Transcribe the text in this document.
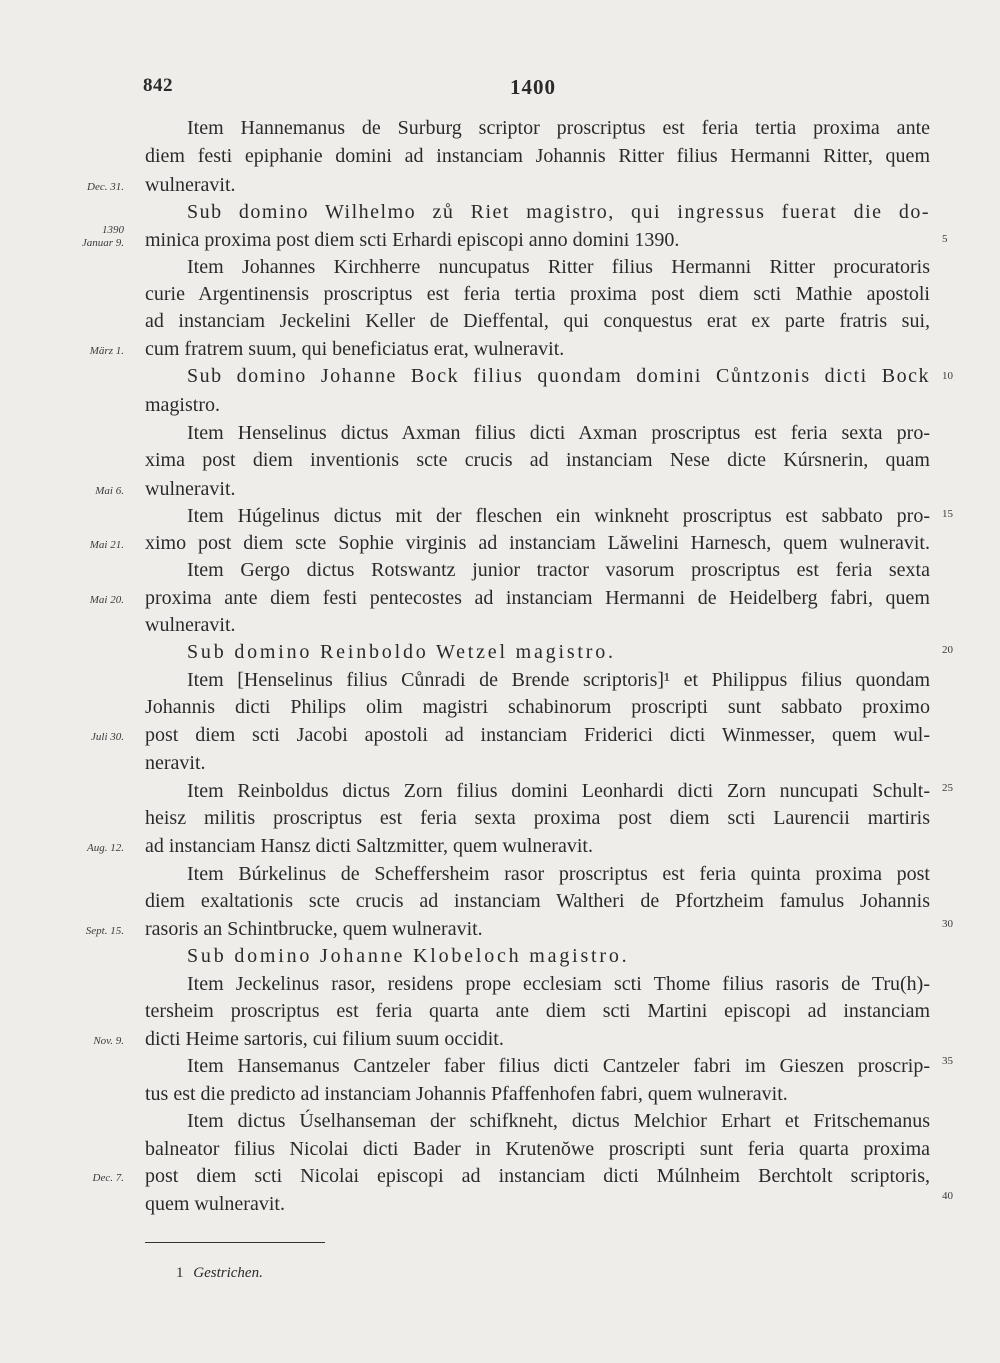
842	1400
Item Hannemanus de Surburg scriptor proscriptus est feria tertia proxima ante
diem festi epiphanie domini ad instanciam Johannis Ritter filius Hermanni Ritter, quem
wulneravit.
Sub domino Wilhelmo zů Riet magistro, qui ingressus fuerat die do-
minica proxima post diem scti Erhardi episcopi anno domini 1390.
Item Johannes Kirchherre nuncupatus Ritter filius Hermanni Ritter procuratoris
curie Argentinensis proscriptus est feria tertia proxima post diem scti Mathie apostoli
ad instanciam Jeckelini Keller de Dieffental, qui conquestus erat ex parte fratris sui,
cum fratrem suum, qui beneficiatus erat, wulneravit.
Sub domino Johanne Bock filius quondam domini Cůntzonis dicti Bock
magistro.
Item Henselinus dictus Axman filius dicti Axman proscriptus est feria sexta pro-
xima post diem inventionis scte crucis ad instanciam Nese dicte Kúrsnerin, quam
wulneravit.
Item Húgelinus dictus mit der fleschen ein winkneht proscriptus est sabbato pro-
ximo post diem scte Sophie virginis ad instanciam Lăwelini Harnesch, quem wulneravit.
Item Gergo dictus Rotswantz junior tractor vasorum proscriptus est feria sexta
proxima ante diem festi pentecostes ad instanciam Hermanni de Heidelberg fabri, quem
wulneravit.
Sub domino Reinboldo Wetzel magistro.
Item [Henselinus filius Cůnradi de Brende scriptoris]¹ et Philippus filius quondam
Johannis dicti Philips olim magistri schabinorum proscripti sunt sabbato proximo
post diem scti Jacobi apostoli ad instanciam Friderici dicti Winmesser, quem wul-
neravit.
Item Reinboldus dictus Zorn filius domini Leonhardi dicti Zorn nuncupati Schult-
heisz militis proscriptus est feria sexta proxima post diem scti Laurencii martiris
ad instanciam Hansz dicti Saltzmitter, quem wulneravit.
Item Búrkelinus de Scheffersheim rasor proscriptus est feria quinta proxima post
diem exaltationis scte crucis ad instanciam Waltheri de Pfortzheim famulus Johannis
rasoris an Schintbrucke, quem wulneravit.
Sub domino Johanne Klobeloch magistro.
Item Jeckelinus rasor, residens prope ecclesiam scti Thome filius rasoris de Tru(h)-
tersheim proscriptus est feria quarta ante diem scti Martini episcopi ad instanciam
dicti Heime sartoris, cui filium suum occidit.
Item Hansemanus Cantzeler faber filius dicti Cantzeler fabri im Gieszen proscrip-
tus est die predicto ad instanciam Johannis Pfaffenhofen fabri, quem wulneravit.
Item dictus Úselhanseman der schifkneht, dictus Melchior Erhart et Fritschemanus
balneator filius Nicolai dicti Bader in Krutenŏwe proscripti sunt feria quarta proxima
post diem scti Nicolai episcopi ad instanciam dicti Múlnheim Berchtolt scriptoris,
quem wulneravit.
Dec. 31.
1390
Januar 9.
März 1.
Mai 6.
Mai 21.
Mai 20.
Juli 30.
Aug. 12.
Sept. 15.
Nov. 9.
Dec. 7.
5
10
15
20
25
30
35
40
1 Gestrichen.
